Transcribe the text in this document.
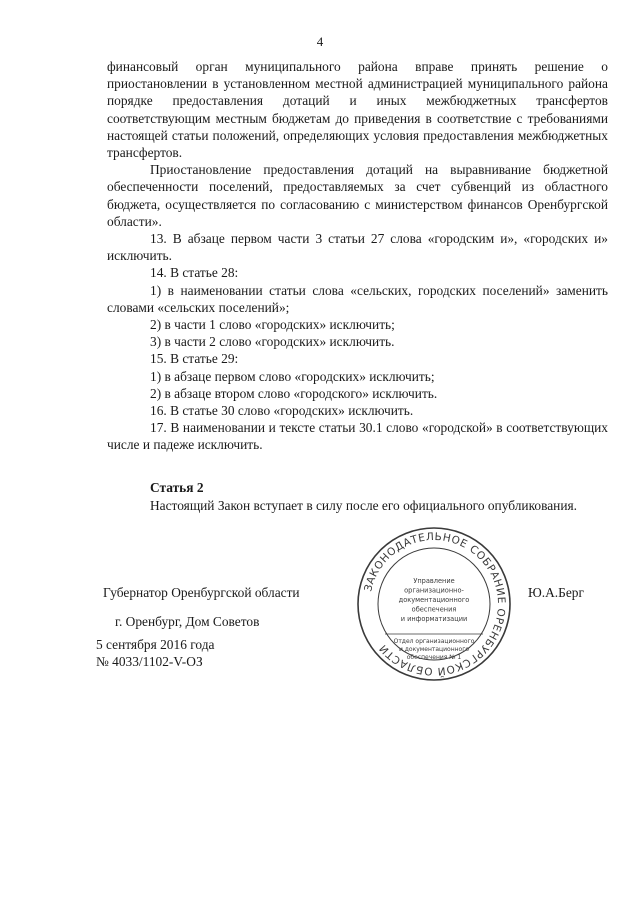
4

финансовый орган муниципального района вправе принять решение о приостановлении в установленном местной администрацией муниципального района порядке предоставления дотаций и иных межбюджетных трансфертов соответствующим местным бюджетам до приведения в соответствие с требованиями настоящей статьи положений, определяющих условия предоставления межбюджетных трансфертов.

Приостановление предоставления дотаций на выравнивание бюджетной обеспеченности поселений, предоставляемых за счет субвенций из областного бюджета, осуществляется по согласованию с министерством финансов Оренбургской области».

13. В абзаце первом части 3 статьи 27 слова «городским и», «городских и» исключить.

14. В статье 28:

1) в наименовании статьи слова «сельских, городских поселений» заменить словами «сельских поселений»;

2) в части 1 слово «городских» исключить;

3) в части 2 слово «городских» исключить.

15. В статье 29:

1) в абзаце первом слово «городских» исключить;

2) в абзаце втором слово «городского» исключить.

16. В статье 30 слово «городских» исключить.

17. В наименовании и тексте статьи 30.1 слово «городской» в соответствующих числе и падеже исключить.

Статья 2
Настоящий Закон вступает в силу после его официального опубликования.
ЗАКОНОДАТЕЛЬНОЕ СОБРАНИЕ ОРЕНБУРГСКОЙ ОБЛАСТИ
Управление
организационно-
документационного
обеспечения
и информатизации
Отдел организационного
и документационного
обеспечения № 1
Губернатор Оренбургской области	Ю.А.Берг
г. Оренбург, Дом Советов
5 сентября 2016 года
№ 4033/1102-V-ОЗ
